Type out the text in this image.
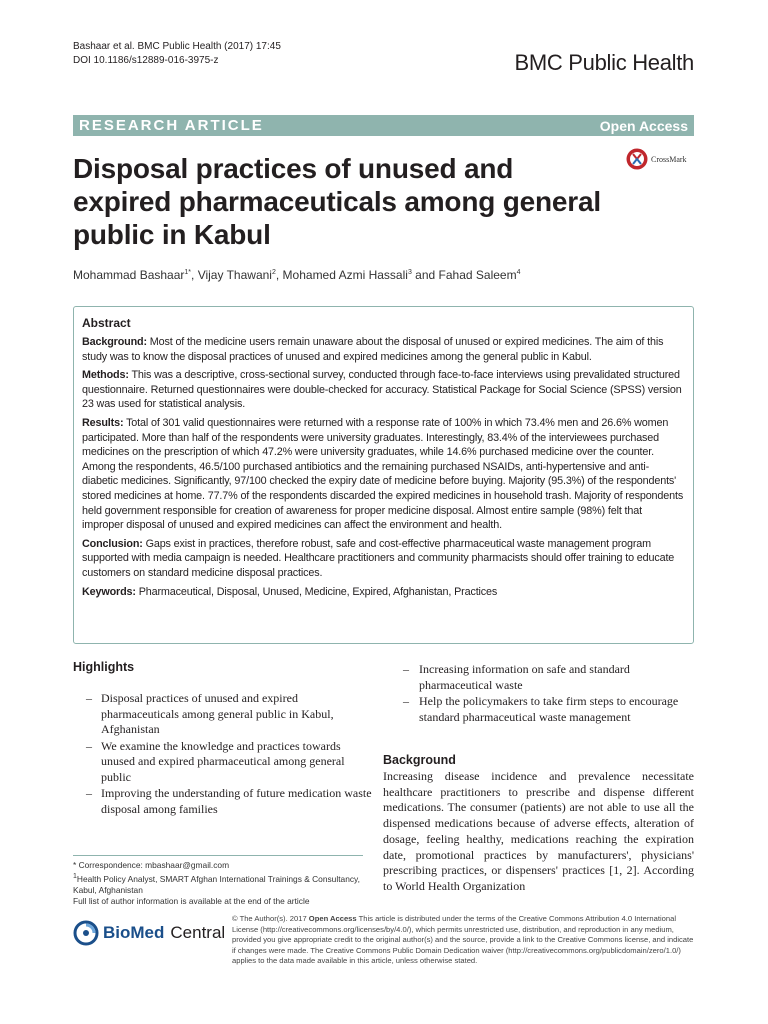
Bashaar et al. BMC Public Health (2017) 17:45
DOI 10.1186/s12889-016-3975-z	BMC Public Health
RESEARCH ARTICLE	Open Access
Disposal practices of unused and expired pharmaceuticals among general public in Kabul
CrossMark
Mohammad Bashaar$^{1*}$, Vijay Thawani$^2$, Mohamed Azmi Hassali$^3$ and Fahad Saleem$^4$
Abstract

Background: Most of the medicine users remain unaware about the disposal of unused or expired medicines. The aim of this study was to know the disposal practices of unused and expired medicines among the general public in Kabul.

Methods: This was a descriptive, cross-sectional survey, conducted through face-to-face interviews using prevalidated structured questionnaire. Returned questionnaires were double-checked for accuracy. Statistical Package for Social Science (SPSS) version 23 was used for statistical analysis.

Results: Total of 301 valid questionnaires were returned with a response rate of 100% in which 73.4% men and 26.6% women participated. More than half of the respondents were university graduates. Interestingly, 83.4% of the interviewees purchased medicines on the prescription of which 47.2% were university graduates, while 14.6% purchased medicine over the counter. Among the respondents, 46.5/100 purchased antibiotics and the remaining purchased NSAIDs, anti-hypertensive and anti-diabetic medicines. Significantly, 97/100 checked the expiry date of medicine before buying. Majority (95.3%) of the respondents' stored medicines at home. 77.7% of the respondents discarded the expired medicines in household trash. Majority of respondents held government responsible for creation of awareness for proper medicine disposal. Almost entire sample (98%) felt that improper disposal of unused and expired medicines can affect the environment and health.

Conclusion: Gaps exist in practices, therefore robust, safe and cost-effective pharmaceutical waste management program supported with media campaign is needed. Healthcare practitioners and community pharmacists should offer training to educate customers on standard medicine disposal practices.

Keywords: Pharmaceutical, Disposal, Unused, Medicine, Expired, Afghanistan, Practices

Highlights
– Disposal practices of unused and expired pharmaceuticals among general public in Kabul, Afghanistan
– We examine the knowledge and practices towards unused and expired pharmaceutical among general public
– Improving the understanding of future medication waste disposal among families
– Increasing information on safe and standard pharmaceutical waste
– Help the policymakers to take firm steps to encourage standard pharmaceutical waste management
Background

Increasing disease incidence and prevalence necessitate healthcare practitioners to prescribe and dispense different medications. The consumer (patients) are not able to use all the dispensed medications because of adverse effects, alteration of dosage, feeling healthy, medications reaching the expiration date, promotional practices by manufacturers', physicians' prescribing practices, or dispensers' practices [1, 2]. According to World Health Organization

* Correspondence: mbashaar@gmail.com
$^1$Health Policy Analyst, SMART Afghan International Trainings & Consultancy, Kabul, Afghanistan
Full list of author information is available at the end of the article
BioMed Central
© The Author(s). 2017 Open Access This article is distributed under the terms of the Creative Commons Attribution 4.0 International License (http://creativecommons.org/licenses/by/4.0/), which permits unrestricted use, distribution, and reproduction in any medium, provided you give appropriate credit to the original author(s) and the source, provide a link to the Creative Commons license, and indicate if changes were made. The Creative Commons Public Domain Dedication waiver (http://creativecommons.org/publicdomain/zero/1.0/) applies to the data made available in this article, unless otherwise stated.
